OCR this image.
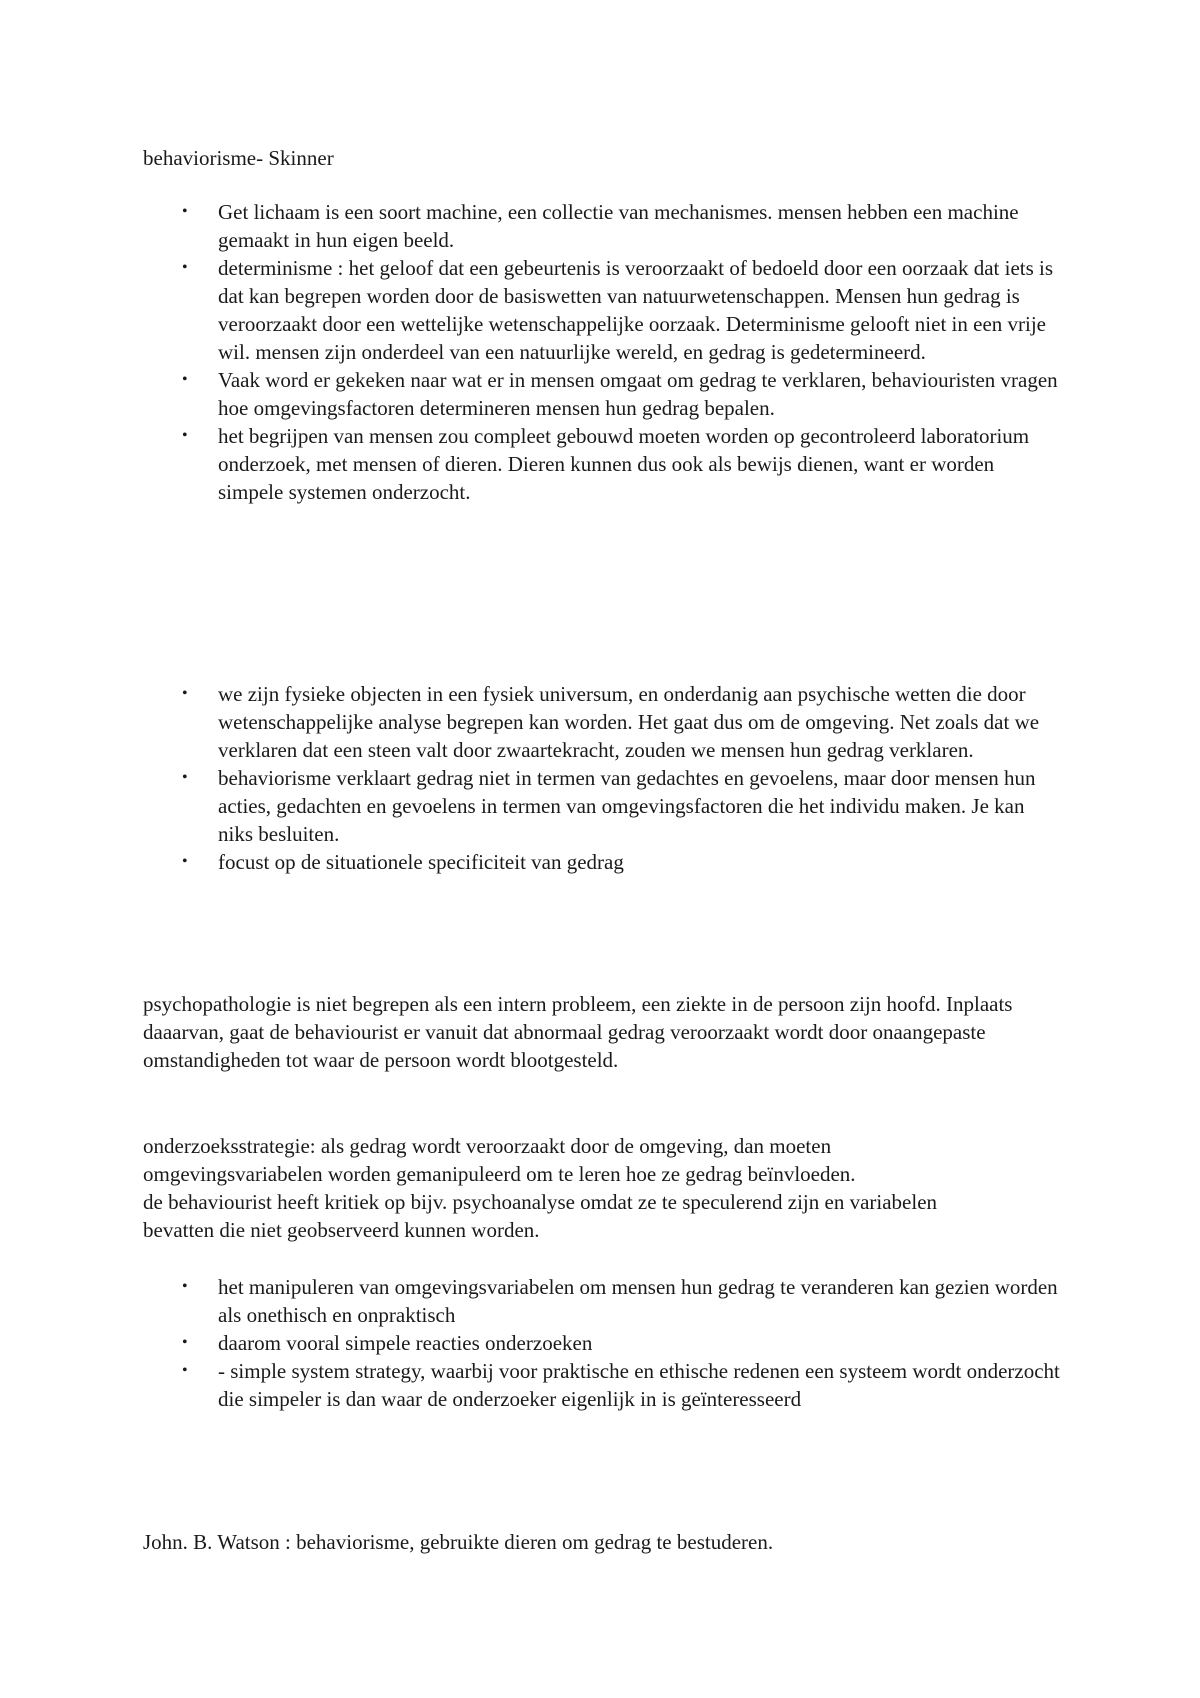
behaviorisme- Skinner

• Get lichaam is een soort machine, een collectie van mechanismes. mensen hebben een machine gemaakt in hun eigen beeld.
• determinisme : het geloof dat een gebeurtenis is veroorzaakt of bedoeld door een oorzaak dat iets is dat kan begrepen worden door de basiswetten van natuurwetenschappen. Mensen hun gedrag is veroorzaakt door een wettelijke wetenschappelijke oorzaak. Determinisme gelooft niet in een vrije wil. mensen zijn onderdeel van een natuurlijke wereld, en gedrag is gedetermineerd.
• Vaak word er gekeken naar wat er in mensen omgaat om gedrag te verklaren, behaviouristen vragen hoe omgevingsfactoren determineren mensen hun gedrag bepalen.
• het begrijpen van mensen zou compleet gebouwd moeten worden op gecontroleerd laboratorium onderzoek, met mensen of dieren. Dieren kunnen dus ook als bewijs dienen, want er worden simpele systemen onderzocht.
• we zijn fysieke objecten in een fysiek universum, en onderdanig aan psychische wetten die door wetenschappelijke analyse begrepen kan worden. Het gaat dus om de omgeving. Net zoals dat we verklaren dat een steen valt door zwaartekracht, zouden we mensen hun gedrag verklaren.
• behaviorisme verklaart gedrag niet in termen van gedachtes en gevoelens, maar door mensen hun acties, gedachten en gevoelens in termen van omgevingsfactoren die het individu maken. Je kan niks besluiten.
• focust op de situationele specificiteit van gedrag

psychopathologie is niet begrepen als een intern probleem, een ziekte in de persoon zijn hoofd. Inplaats daaarvan, gaat de behaviourist er vanuit dat abnormaal gedrag veroorzaakt wordt door onaangepaste omstandigheden tot waar de persoon wordt blootgesteld.

onderzoeksstrategie: als gedrag wordt veroorzaakt door de omgeving, dan moeten omgevingsvariabelen worden gemanipuleerd om te leren hoe ze gedrag beïnvloeden.
de behaviourist heeft kritiek op bijv. psychoanalyse omdat ze te speculerend zijn en variabelen bevatten die niet geobserveerd kunnen worden.
• het manipuleren van omgevingsvariabelen om mensen hun gedrag te veranderen kan gezien worden als onethisch en onpraktisch
• daarom vooral simpele reacties onderzoeken
• - simple system strategy, waarbij voor praktische en ethische redenen een systeem wordt onderzocht die simpeler is dan waar de onderzoeker eigenlijk in is geïnteresseerd

John. B. Watson : behaviorisme, gebruikte dieren om gedrag te bestuderen.
